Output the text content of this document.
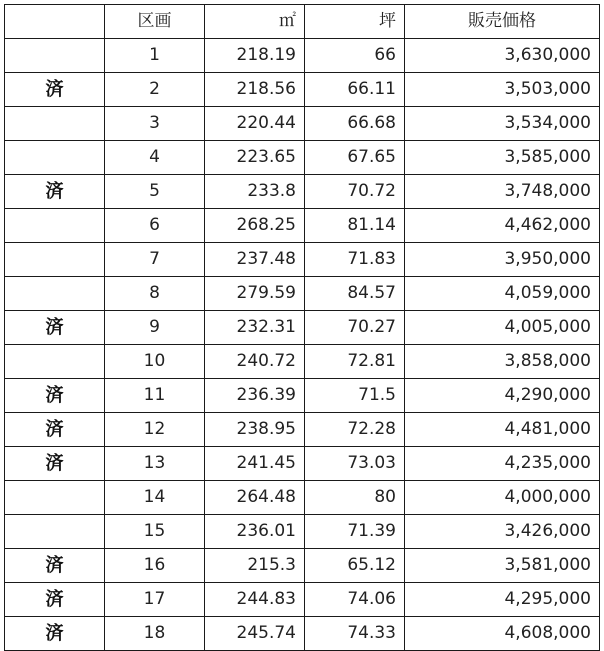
	区画	㎡	坪	販売価格
	1	218.19	66	3,630,000
済	2	218.56	66.11	3,503,000
	3	220.44	66.68	3,534,000
	4	223.65	67.65	3,585,000
済	5	233.8	70.72	3,748,000
	6	268.25	81.14	4,462,000
	7	237.48	71.83	3,950,000
	8	279.59	84.57	4,059,000
済	9	232.31	70.27	4,005,000
	10	240.72	72.81	3,858,000
済	11	236.39	71.5	4,290,000
済	12	238.95	72.28	4,481,000
済	13	241.45	73.03	4,235,000
	14	264.48	80	4,000,000
	15	236.01	71.39	3,426,000
済	16	215.3	65.12	3,581,000
済	17	244.83	74.06	4,295,000
済	18	245.74	74.33	4,608,000
